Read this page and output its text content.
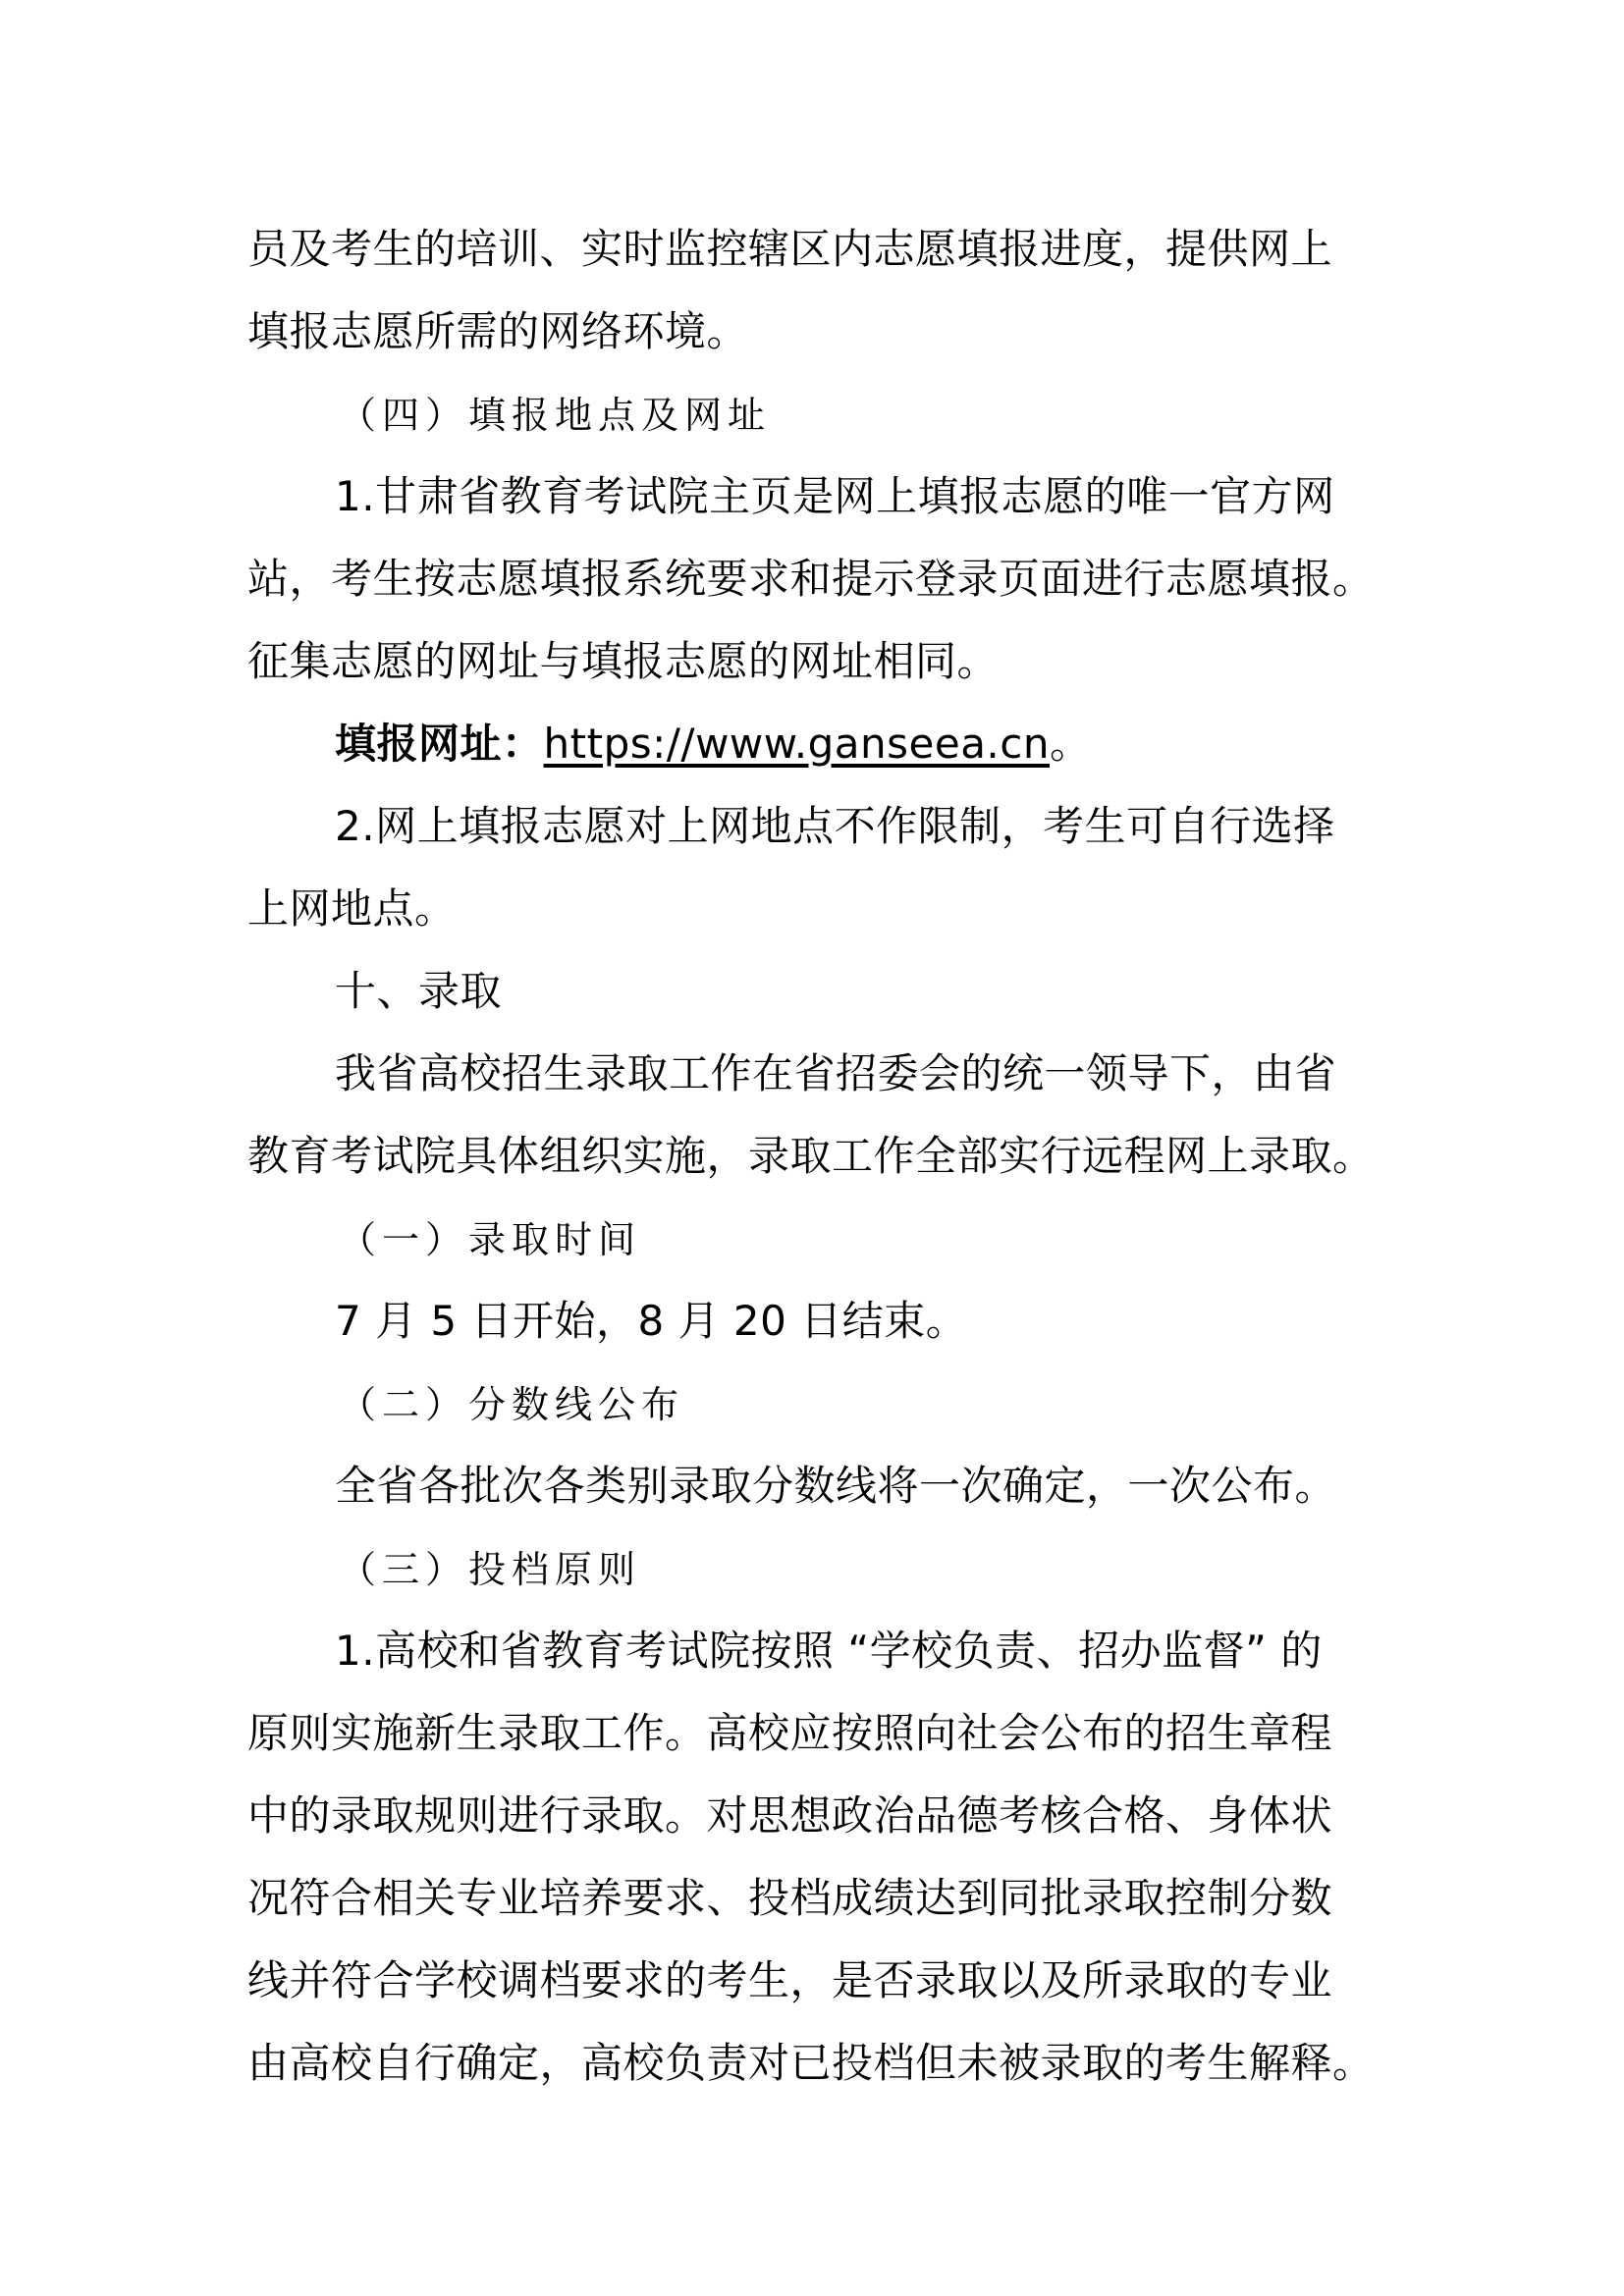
员及考生的培训、实时监控辖区内志愿填报进度，提供网上
填报志愿所需的网络环境。
（四）填报地点及网址
1.甘肃省教育考试院主页是网上填报志愿的唯一官方网
站，考生按志愿填报系统要求和提示登录页面进行志愿填报。
征集志愿的网址与填报志愿的网址相同。
填报网址：https://www.ganseea.cn。
2.网上填报志愿对上网地点不作限制，考生可自行选择
上网地点。
十、录取
我省高校招生录取工作在省招委会的统一领导下，由省
教育考试院具体组织实施，录取工作全部实行远程网上录取。
（一）录取时间
7 月 5 日开始，8 月 20 日结束。
（二）分数线公布
全省各批次各类别录取分数线将一次确定，一次公布。
（三）投档原则
1.高校和省教育考试院按照 “学校负责、招办监督” 的
原则实施新生录取工作。高校应按照向社会公布的招生章程
中的录取规则进行录取。对思想政治品德考核合格、身体状
况符合相关专业培养要求、投档成绩达到同批录取控制分数
线并符合学校调档要求的考生，是否录取以及所录取的专业
由高校自行确定，高校负责对已投档但未被录取的考生解释。
